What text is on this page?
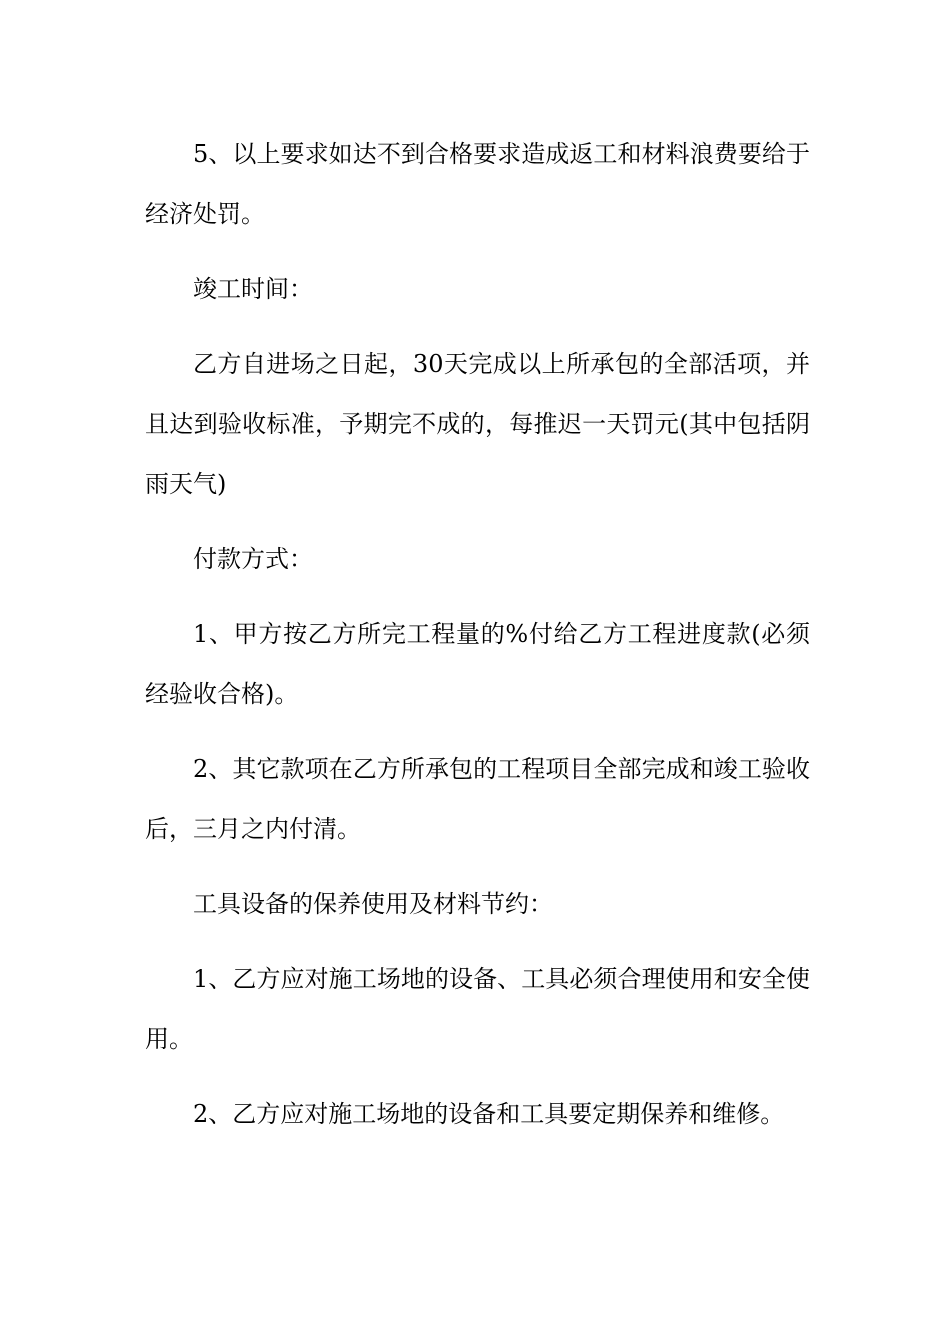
5、以上要求如达不到合格要求造成返工和材料浪费要给于经济处罚。

竣工时间：

乙方自进场之日起，30天完成以上所承包的全部活项，并且达到验收标准，予期完不成的，每推迟一天罚元(其中包括阴雨天气)

付款方式：

1、甲方按乙方所完工程量的%付给乙方工程进度款(必须经验收合格)。

2、其它款项在乙方所承包的工程项目全部完成和竣工验收后，三月之内付清。

工具设备的保养使用及材料节约：

1、乙方应对施工场地的设备、工具必须合理使用和安全使用。

2、乙方应对施工场地的设备和工具要定期保养和维修。
